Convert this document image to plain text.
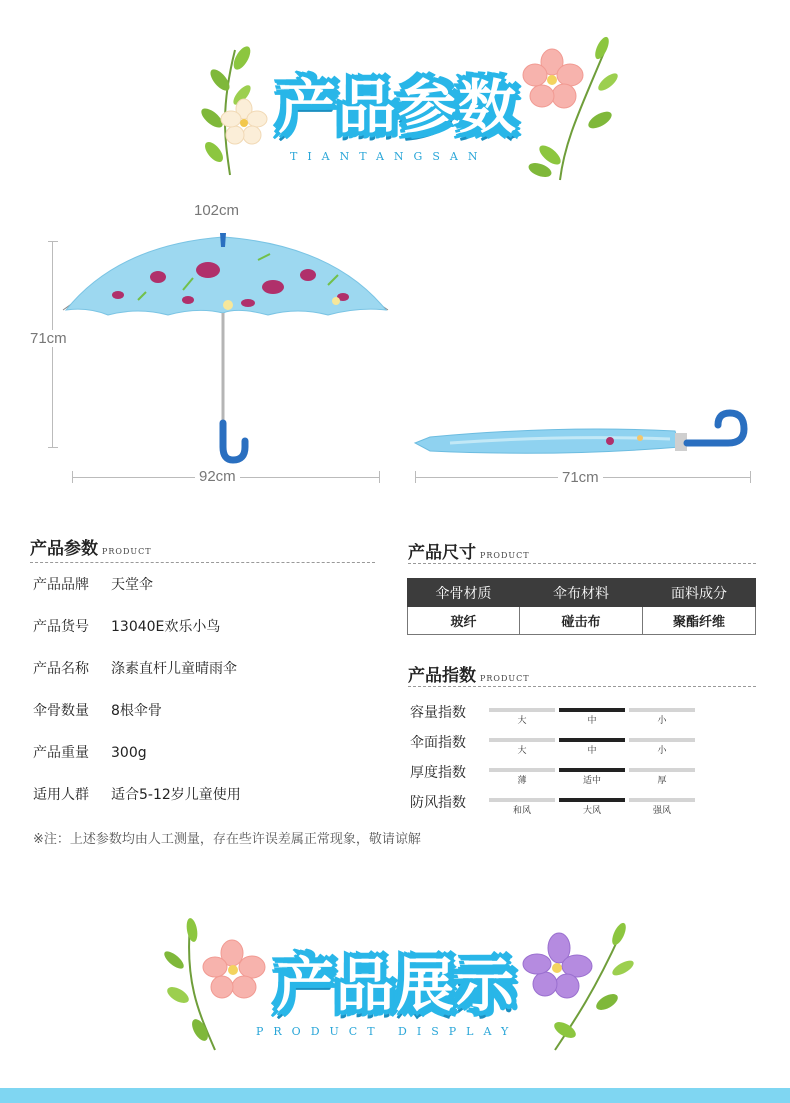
产品参数
TIANTANGSAN
102cm
71cm
92cm	71cm
产品参数 PRODUCT
产品品牌 天堂伞
产品货号 13040E欢乐小鸟
产品名称 涤素直杆儿童晴雨伞
伞骨数量 8根伞骨
产品重量 300g
适用人群 适合5-12岁儿童使用
产品尺寸 PRODUCT
伞骨材质	伞布材料	面料成分
玻纤	碰击布	聚酯纤维
产品指数 PRODUCT
容量指数	大	中	小
伞面指数	大	中	小
厚度指数	薄	适中	厚
防风指数	和风	大风	强风
※注：上述参数均由人工测量，存在些许误差属正常现象，敬请谅解
产品展示
PRODUCT DISPLAY
